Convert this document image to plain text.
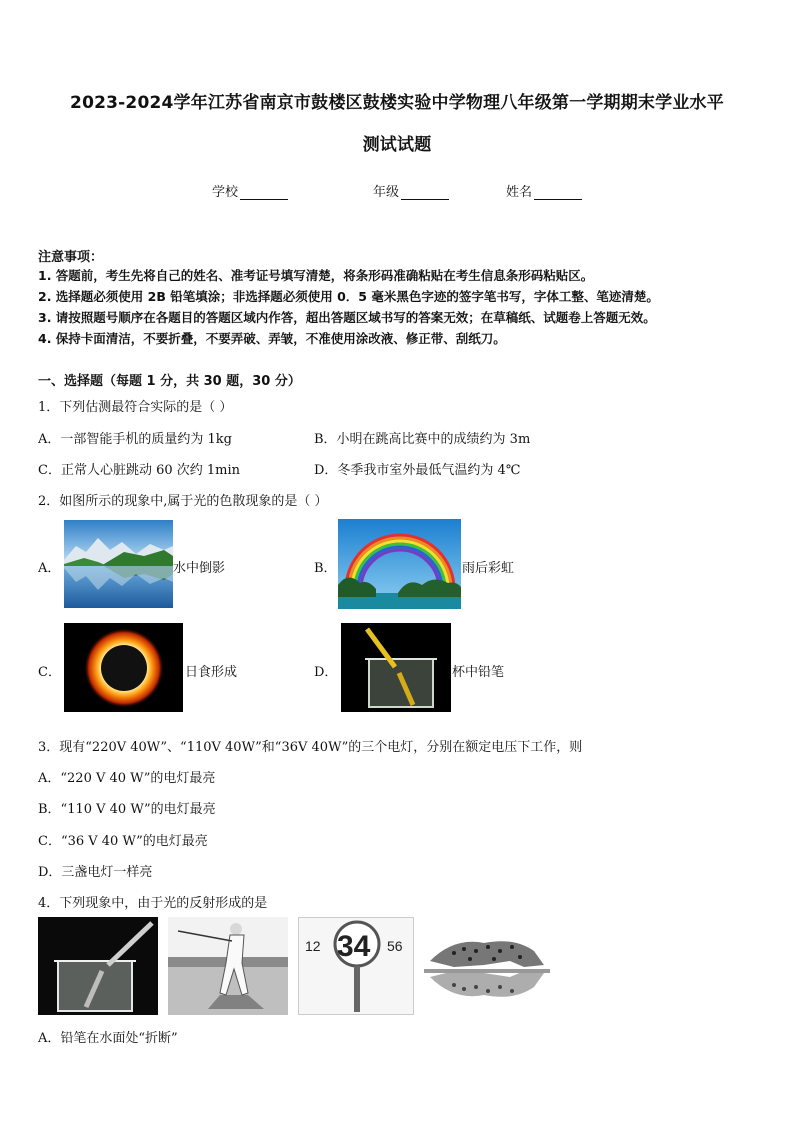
2023-2024学年江苏省南京市鼓楼区鼓楼实验中学物理八年级第一学期期末学业水平
测试试题
学校	年级	姓名
注意事项：
1. 答题前，考生先将自己的姓名、准考证号填写清楚，将条形码准确粘贴在考生信息条形码粘贴区。
2. 选择题必须使用 2B 铅笔填涂；非选择题必须使用 0．5 毫米黑色字迹的签字笔书写，字体工整、笔迹清楚。
3. 请按照题号顺序在各题目的答题区域内作答，超出答题区域书写的答案无效；在草稿纸、试题卷上答题无效。
4. 保持卡面清洁，不要折叠，不要弄破、弄皱，不准使用涂改液、修正带、刮纸刀。
一、选择题（每题 1 分，共 30 题，30 分）
1．下列估测最符合实际的是（ ）
A．一部智能手机的质量约为 1kg	B．小明在跳高比赛中的成绩约为 3m
C．正常人心脏跳动 60 次约 1min	D．冬季我市室外最低气温约为 4℃
2．如图所示的现象中,属于光的色散现象的是（ ）
A．	水中倒影	B．	雨后彩虹
C．	日食形成	D．	杯中铅笔
3．现有“220V 40W”、“110V 40W”和“36V 40W”的三个电灯，分别在额定电压下工作，则
A．“220 V 40 W”的电灯最亮
B．“110 V 40 W”的电灯最亮
C．“36 V 40 W”的电灯最亮
D．三盏电灯一样亮
4．下列现象中，由于光的反射形成的是
12 34 56
A．铅笔在水面处“折断”
